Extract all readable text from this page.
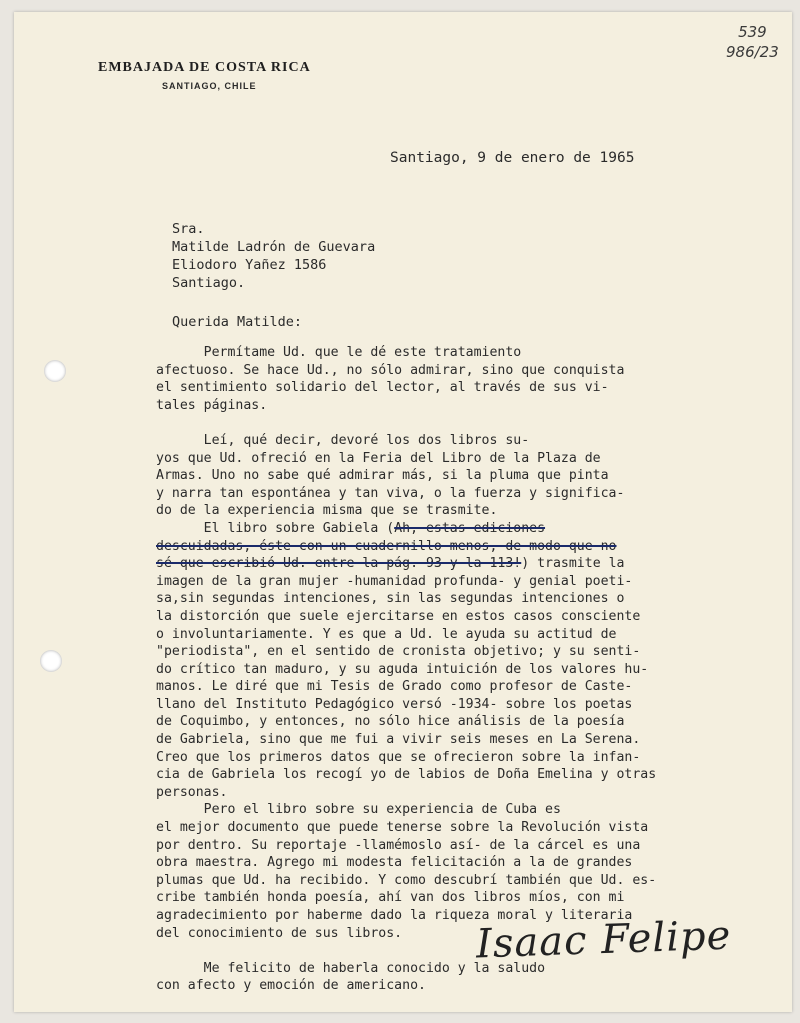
EMBAJADA DE COSTA RICA
SANTIAGO, CHILE
539
986/23
Santiago, 9 de enero de 1965
Sra.
Matilde Ladrón de Guevara
Eliodoro Yañez 1586
Santiago.
Querida Matilde:
Permítame Ud. que le dé este tratamiento
afectuoso. Se hace Ud., no sólo admirar, sino que conquista
el sentimiento solidario del lector, al través de sus vi-
tales páginas.

Leí, qué decir, devoré los dos libros su-
yos que Ud. ofreció en la Feria del Libro de la Plaza de
Armas. Uno no sabe qué admirar más, si la pluma que pinta
y narra tan espontánea y tan viva, o la fuerza y significa-
do de la experiencia misma que se trasmite.
El libro sobre Gabiela (Ah, estas ediciones
descuidadas, éste con un cuadernillo menos, de modo que no
sé que escribió Ud. entre la pág. 93 y la 113!) trasmite la
imagen de la gran mujer -humanidad profunda- y genial poeti-
sa,sin segundas intenciones, sin las segundas intenciones o
la distorción que suele ejercitarse en estos casos consciente
o involuntariamente. Y es que a Ud. le ayuda su actitud de
"periodista", en el sentido de cronista objetivo; y su senti-
do crítico tan maduro, y su aguda intuición de los valores hu-
manos. Le diré que mi Tesis de Grado como profesor de Caste-
llano del Instituto Pedagógico versó -1934- sobre los poetas
de Coquimbo, y entonces, no sólo hice análisis de la poesía
de Gabriela, sino que me fui a vivir seis meses en La Serena.
Creo que los primeros datos que se ofrecieron sobre la infan-
cia de Gabriela los recogí yo de labios de Doña Emelina y otras
personas.
Pero el libro sobre su experiencia de Cuba es
el mejor documento que puede tenerse sobre la Revolución vista
por dentro. Su reportaje -llamémoslo así- de la cárcel es una
obra maestra. Agrego mi modesta felicitación a la de grandes
plumas que Ud. ha recibido. Y como descubrí también que Ud. es-
cribe también honda poesía, ahí van dos libros míos, con mi
agradecimiento por haberme dado la riqueza moral y literaria
del conocimiento de sus libros.

Me felicito de haberla conocido y la saludo
con afecto y emoción de americano.
Isaac Felipe
